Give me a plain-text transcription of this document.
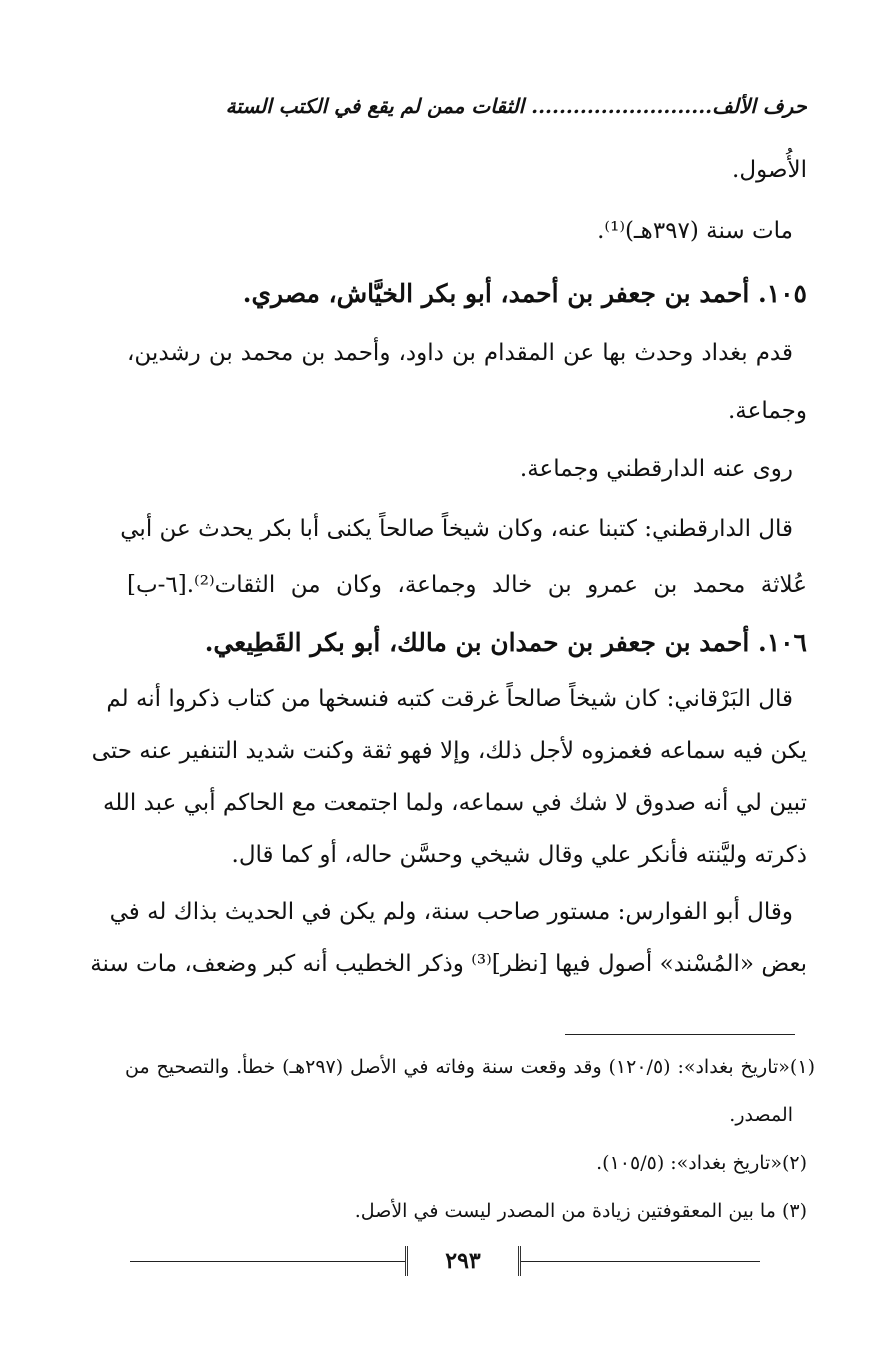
حرف الألف.......................... الثقات ممن لم يقع في الكتب الستة
الأُصول.
مات سنة (٣٩٧هـ)⁽¹⁾.
١٠٥. أحمد بن جعفر بن أحمد، أبو بكر الخيَّاش، مصري.
قدم بغداد وحدث بها عن المقدام بن داود، وأحمد بن محمد بن رشدين،
وجماعة.
روى عنه الدارقطني وجماعة.
قال الدارقطني: كتبنا عنه، وكان شيخاً صالحاً يكنى أبا بكر يحدث عن أبي
عُلاثة محمد بن عمرو بن خالد وجماعة، وكان من الثقات⁽²⁾.[٦-ب]
١٠٦. أحمد بن جعفر بن حمدان بن مالك، أبو بكر القَطِيعي.
قال البَرْقاني: كان شيخاً صالحاً غرقت كتبه فنسخها من كتاب ذكروا أنه لم
يكن فيه سماعه فغمزوه لأجل ذلك، وإلا فهو ثقة وكنت شديد التنفير عنه حتى
تبين لي أنه صدوق لا شك في سماعه، ولما اجتمعت مع الحاكم أبي عبد الله
ذكرته وليَّنته فأنكر علي وقال شيخي وحسَّن حاله، أو كما قال.
وقال أبو الفوارس: مستور صاحب سنة، ولم يكن في الحديث بذاك له في
بعض «المُسْند» أصول فيها [نظر]⁽³⁾ وذكر الخطيب أنه كبر وضعف، مات سنة
(١)«تاريخ بغداد»: (١٢٠/٥) وقد وقعت سنة وفاته في الأصل (٢٩٧هـ) خطأ. والتصحيح من
المصدر.
(٢)«تاريخ بغداد»: (١٠٥/٥).
(٣) ما بين المعقوفتين زيادة من المصدر ليست في الأصل.
٢٩٣
